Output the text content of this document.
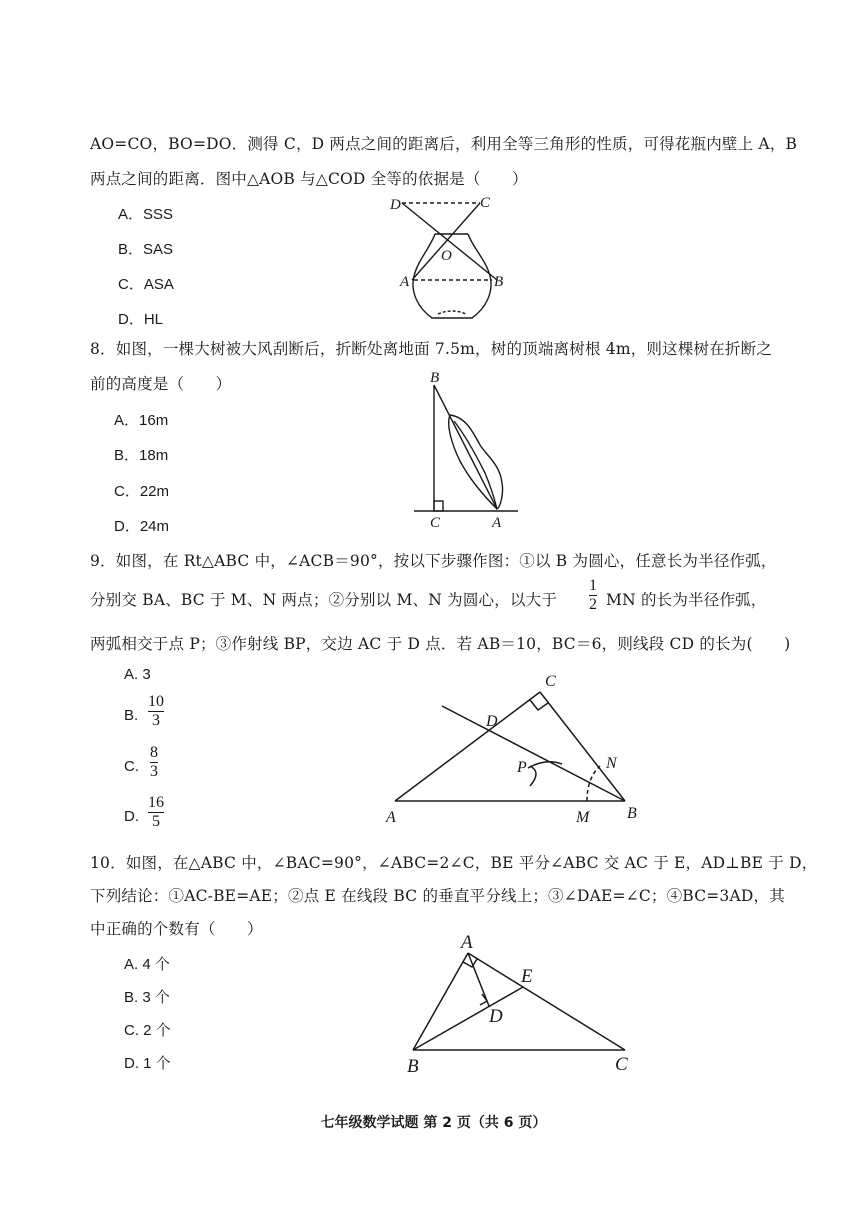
AO=CO，BO=DO．测得 C，D 两点之间的距离后，利用全等三角形的性质，可得花瓶内壁上 A，B
两点之间的距离．图中△AOB 与△COD 全等的依据是（　　）
A．SSS
B．SAS
C．ASA
D．HL
D	C
O
A	B
8．如图，一棵大树被大风刮断后，折断处离地面 7.5m，树的顶端离树根 4m，则这棵树在折断之
前的高度是（　　）
A．16m
B．18m
C．22m
D．24m
B
C	A
9．如图，在 Rt△ABC 中，∠ACB＝90°，按以下步骤作图：①以 B 为圆心，任意长为半径作弧，
分别交 BA、BC 于 M、N 两点；②分别以 M、N 为圆心，以大于
1
2 MN 的长为半径作弧，
两弧相交于点 P；③作射线 BP，交边 AC 于 D 点．若 AB＝10，BC＝6，则线段 CD 的长为(　　)
A. 3
B.
10
3
C.
8
3
D.
16
5
C
D
P	N
A	M B
10．如图，在△ABC 中，∠BAC=90°，∠ABC=2∠C，BE 平分∠ABC 交 AC 于 E，AD⊥BE 于 D，
下列结论：①AC-BE=AE；②点 E 在线段 BC 的垂直平分线上；③∠DAE=∠C；④BC=3AD，其
中正确的个数有（　　）
A. 4 个
B. 3 个
C. 2 个
D. 1 个
A
E
D
B	C
七年级数学试题 第 2 页（共 6 页）
